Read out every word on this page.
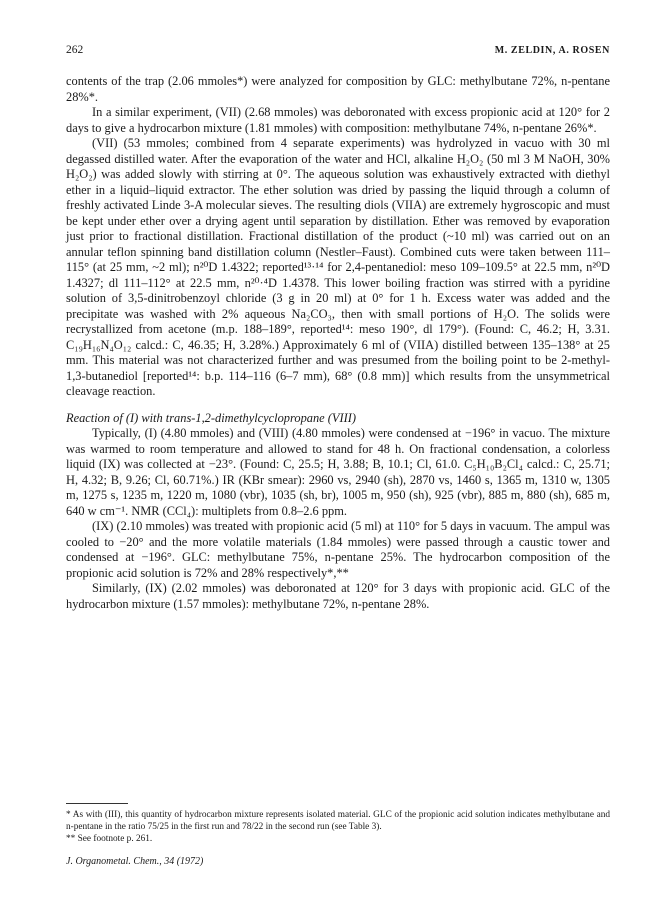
262	M. ZELDIN, A. ROSEN

contents of the trap (2.06 mmoles*) were analyzed for composition by GLC: methylbutane 72%, n-pentane 28%*.

In a similar experiment, (VII) (2.68 mmoles) was deboronated with excess propionic acid at 120° for 2 days to give a hydrocarbon mixture (1.81 mmoles) with composition: methylbutane 74%, n-pentane 26%*.

(VII) (53 mmoles; combined from 4 separate experiments) was hydrolyzed in vacuo with 30 ml degassed distilled water. After the evaporation of the water and HCl, alkaline H₂O₂ (50 ml 3 M NaOH, 30% H₂O₂) was added slowly with stirring at 0°. The aqueous solution was exhaustively extracted with diethyl ether in a liquid–liquid extractor. The ether solution was dried by passing the liquid through a column of freshly activated Linde 3-A molecular sieves. The resulting diols (VIIA) are extremely hygroscopic and must be kept under ether over a drying agent until separation by distillation. Ether was removed by evaporation just prior to fractional distillation. Fractional distillation of the product (~10 ml) was carried out on an annular teflon spinning band distillation column (Nestler–Faust). Combined cuts were taken between 111–115° (at 25 mm, ~2 ml); n²⁰D 1.4322; reported¹³·¹⁴ for 2,4-pentanediol: meso 109–109.5° at 22.5 mm, n²⁰D 1.4327; dl 111–112° at 22.5 mm, n²⁰·⁴D 1.4378. This lower boiling fraction was stirred with a pyridine solution of 3,5-dinitrobenzoyl chloride (3 g in 20 ml) at 0° for 1 h. Excess water was added and the precipitate was washed with 2% aqueous Na₂CO₃, then with small portions of H₂O. The solids were recrystallized from acetone (m.p. 188–189°, reported¹⁴: meso 190°, dl 179°). (Found: C, 46.2; H, 3.31. C₁₉H₁₆N₄O₁₂ calcd.: C, 46.35; H, 3.28%.) Approximately 6 ml of (VIIA) distilled between 135–138° at 25 mm. This material was not characterized further and was presumed from the boiling point to be 2-methyl-1,3-butanediol [reported¹⁴: b.p. 114–116 (6–7 mm), 68° (0.8 mm)] which results from the unsymmetrical cleavage reaction.

Reaction of (I) with trans-1,2-dimethylcyclopropane (VIII)

Typically, (I) (4.80 mmoles) and (VIII) (4.80 mmoles) were condensed at −196° in vacuo. The mixture was warmed to room temperature and allowed to stand for 48 h. On fractional condensation, a colorless liquid (IX) was collected at −23°. (Found: C, 25.5; H, 3.88; B, 10.1; Cl, 61.0. C₅H₁₀B₂Cl₄ calcd.: C, 25.71; H, 4.32; B, 9.26; Cl, 60.71%.) IR (KBr smear): 2960 vs, 2940 (sh), 2870 vs, 1460 s, 1365 m, 1310 w, 1305 m, 1275 s, 1235 m, 1220 m, 1080 (vbr), 1035 (sh, br), 1005 m, 950 (sh), 925 (vbr), 885 m, 880 (sh), 685 m, 640 w cm⁻¹. NMR (CCl₄): multiplets from 0.8–2.6 ppm.

(IX) (2.10 mmoles) was treated with propionic acid (5 ml) at 110° for 5 days in vacuum. The ampul was cooled to −20° and the more volatile materials (1.84 mmoles) were passed through a caustic tower and condensed at −196°. GLC: methylbutane 75%, n-pentane 25%. The hydrocarbon composition of the propionic acid solution is 72% and 28% respectively*,**

Similarly, (IX) (2.02 mmoles) was deboronated at 120° for 3 days with propionic acid. GLC of the hydrocarbon mixture (1.57 mmoles): methylbutane 72%, n-pentane 28%.

* As with (III), this quantity of hydrocarbon mixture represents isolated material. GLC of the propionic acid solution indicates methylbutane and n-pentane in the ratio 75/25 in the first run and 78/22 in the second run (see Table 3).

** See footnote p. 261.

J. Organometal. Chem., 34 (1972)
